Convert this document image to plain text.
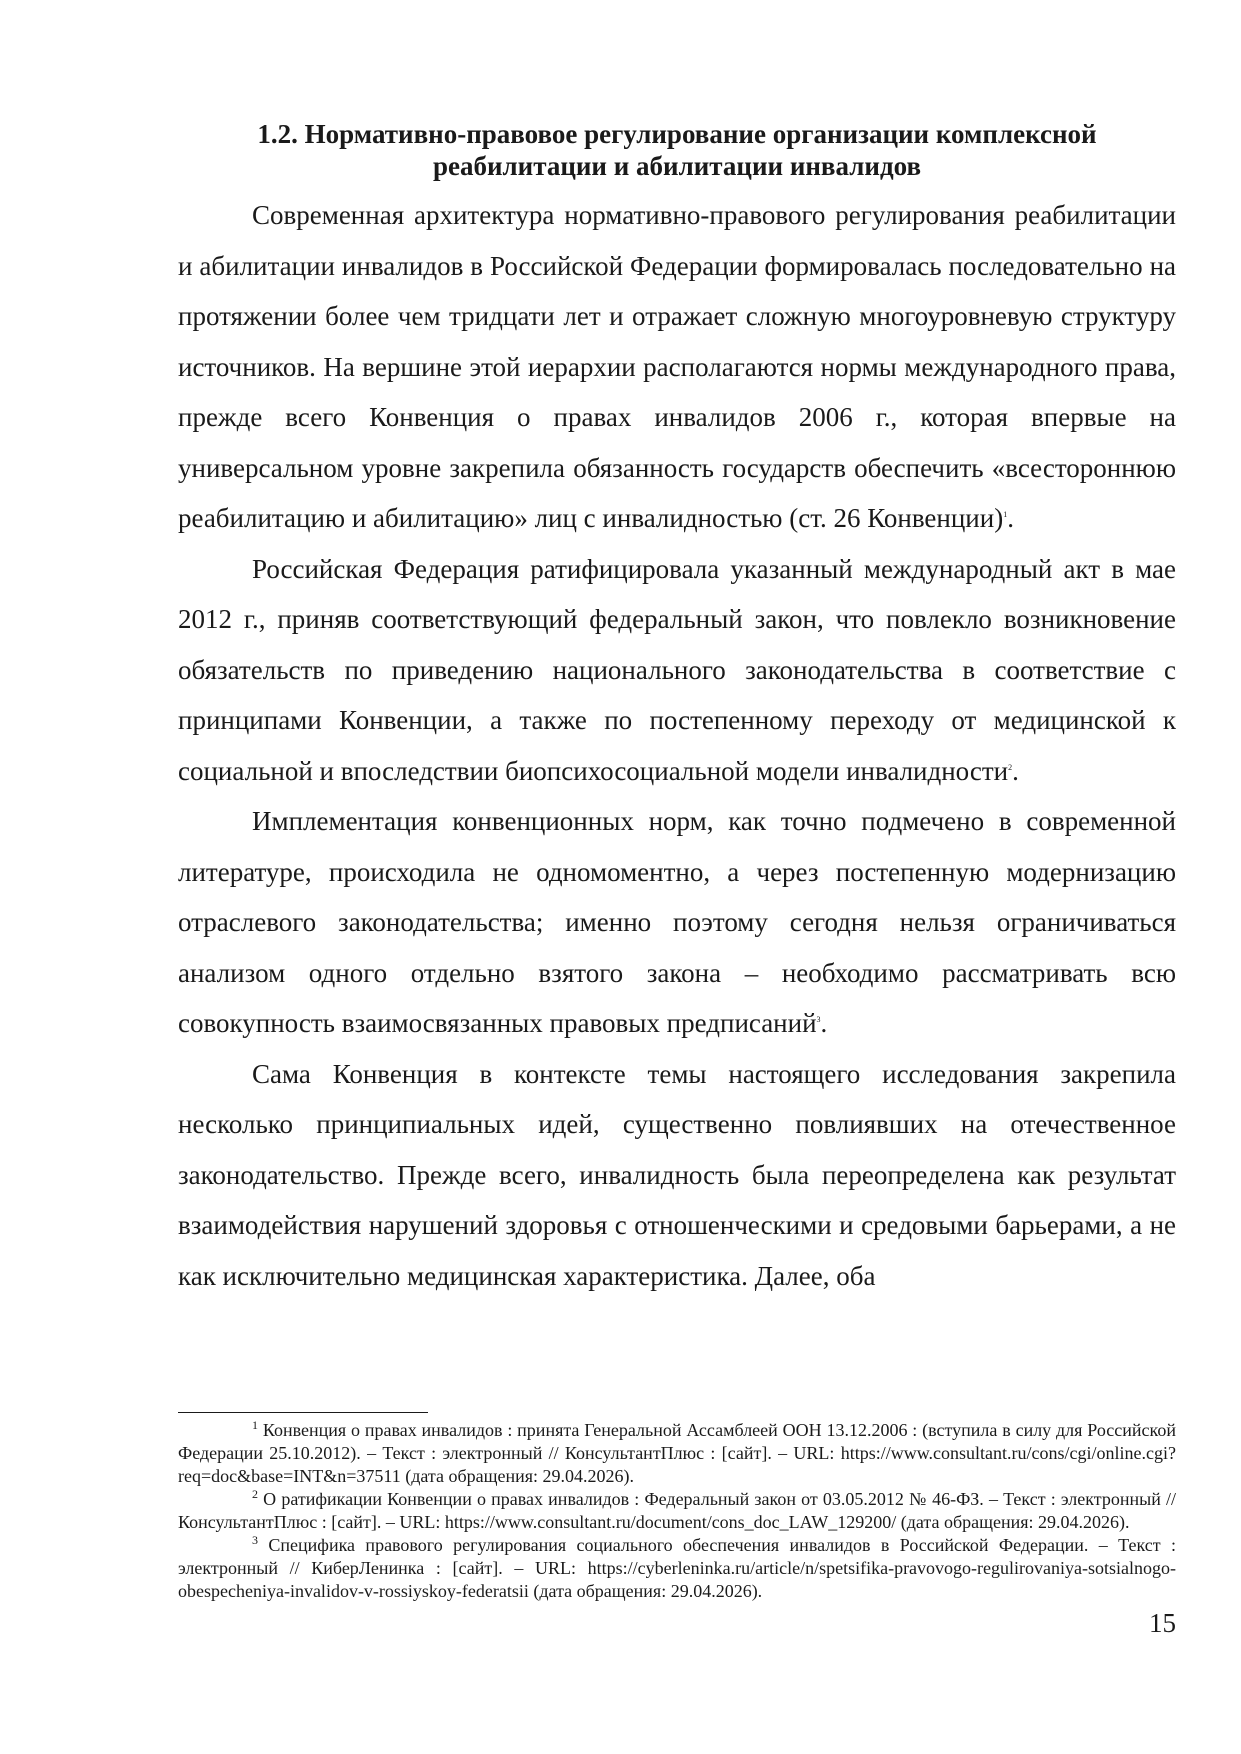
1.2. Нормативно-правовое регулирование организации комплексной
реабилитации и абилитации инвалидов

Современная архитектура нормативно-правового регулирования реабилитации и абилитации инвалидов в Российской Федерации формировалась последовательно на протяжении более чем тридцати лет и отражает сложную многоуровневую структуру источников. На вершине этой иерархии располагаются нормы международного права, прежде всего Конвенция о правах инвалидов 2006 г., которая впервые на универсальном уровне закрепила обязанность государств обеспечить «всестороннюю реабилитацию и абилитацию» лиц с инвалидностью (ст. 26 Конвенции)$^1$.

Российская Федерация ратифицировала указанный международный акт в мае 2012 г., приняв соответствующий федеральный закон, что повлекло возникновение обязательств по приведению национального законодательства в соответствие с принципами Конвенции, а также по постепенному переходу от медицинской к социальной и впоследствии биопсихосоциальной модели инвалидности$^2$.

Имплементация конвенционных норм, как точно подмечено в современной литературе, происходила не одномоментно, а через постепенную модернизацию отраслевого законодательства; именно поэтому сегодня нельзя ограничиваться анализом одного отдельно взятого закона – необходимо рассматривать всю совокупность взаимосвязанных правовых предписаний$^3$.

Сама Конвенция в контексте темы настоящего исследования закрепила несколько принципиальных идей, существенно повлиявших на отечественное законодательство. Прежде всего, инвалидность была переопределена как результат взаимодействия нарушений здоровья с отношенческими и средовыми барьерами, а не как исключительно медицинская характеристика. Далее, оба

$^1$ Конвенция о правах инвалидов : принята Генеральной Ассамблеей ООН 13.12.2006 : (вступила в силу для Российской Федерации 25.10.2012). – Текст : электронный // КонсультантПлюс : [сайт]. – URL: https://www.consultant.ru/cons/cgi/online.cgi?req=doc&base=INT&n=37511 (дата обращения: 29.04.2026).

$^2$ О ратификации Конвенции о правах инвалидов : Федеральный закон от 03.05.2012 № 46-ФЗ. – Текст : электронный // КонсультантПлюс : [сайт]. – URL: https://www.consultant.ru/document/cons_doc_LAW_129200/ (дата обращения: 29.04.2026).

$^3$ Специфика правового регулирования социального обеспечения инвалидов в Российской Федерации. – Текст : электронный // КиберЛенинка : [сайт]. – URL: https://cyberleninka.ru/article/n/spetsifika-pravovogo-regulirovaniya-sotsialnogo-obespecheniya-invalidov-v-rossiyskoy-federatsii (дата обращения: 29.04.2026).

15
